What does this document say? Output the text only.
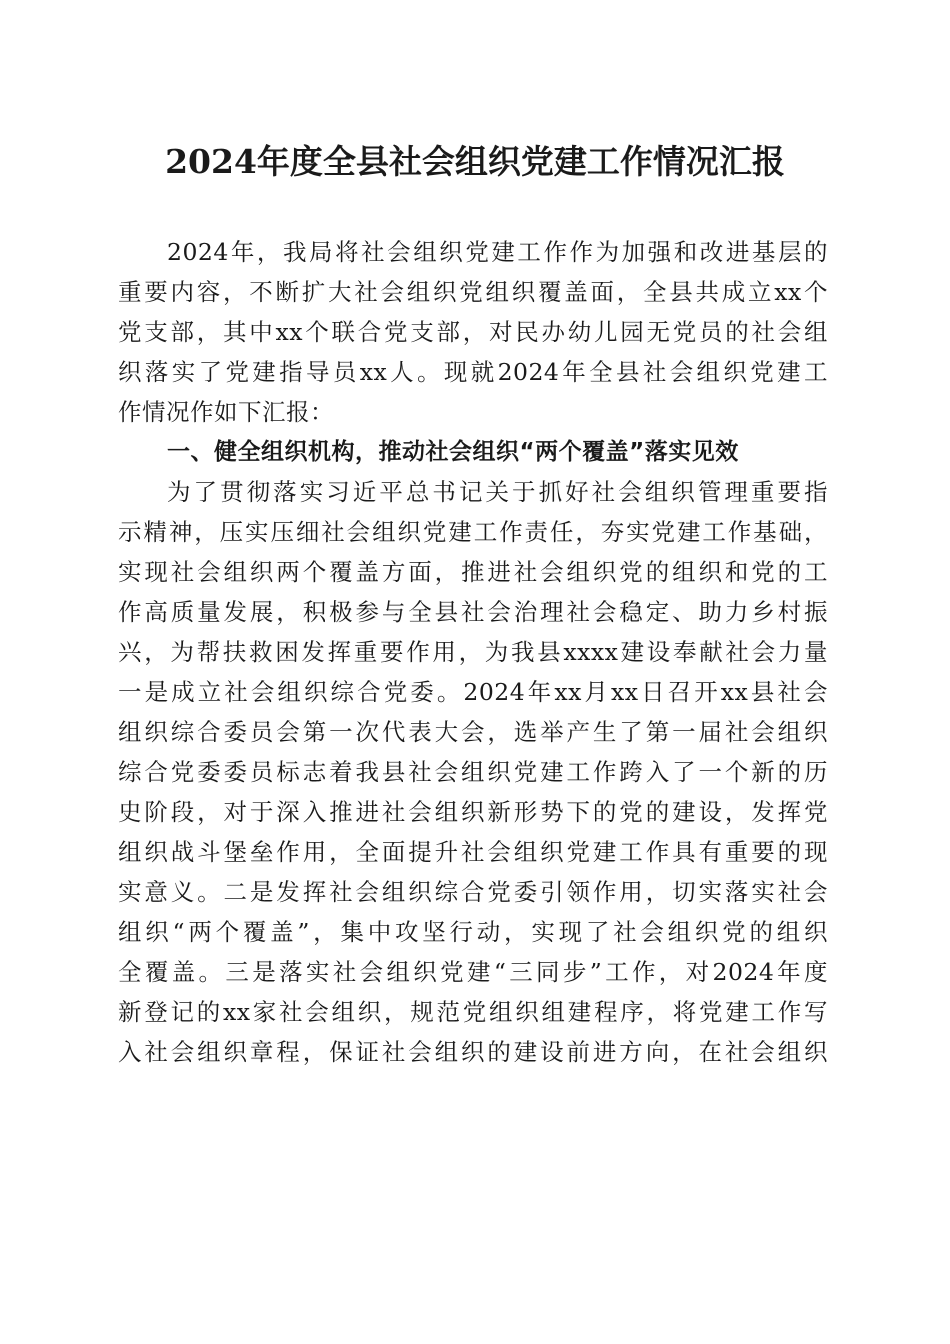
2024年度全县社会组织党建工作情况汇报
2024年，我局将社会组织党建工作作为加强和改进基层的
重要内容，不断扩大社会组织党组织覆盖面，全县共成立xx个
党支部，其中xx个联合党支部，对民办幼儿园无党员的社会组
织落实了党建指导员xx人。现就2024年全县社会组织党建工
作情况作如下汇报：
一、健全组织机构，推动社会组织“两个覆盖”落实见效
为了贯彻落实习近平总书记关于抓好社会组织管理重要指
示精神，压实压细社会组织党建工作责任，夯实党建工作基础，
实现社会组织两个覆盖方面，推进社会组织党的组织和党的工
作高质量发展，积极参与全县社会治理社会稳定、助力乡村振
兴，为帮扶救困发挥重要作用，为我县xxxx建设奉献社会力量
一是成立社会组织综合党委。2024年xx月xx日召开xx县社会
组织综合委员会第一次代表大会，选举产生了第一届社会组织
综合党委委员标志着我县社会组织党建工作跨入了一个新的历
史阶段，对于深入推进社会组织新形势下的党的建设，发挥党
组织战斗堡垒作用，全面提升社会组织党建工作具有重要的现
实意义。二是发挥社会组织综合党委引领作用，切实落实社会
组织“两个覆盖”，集中攻坚行动，实现了社会组织党的组织
全覆盖。三是落实社会组织党建“三同步”工作，对2024年度
新登记的xx家社会组织，规范党组织组建程序，将党建工作写
入社会组织章程，保证社会组织的建设前进方向，在社会组织
